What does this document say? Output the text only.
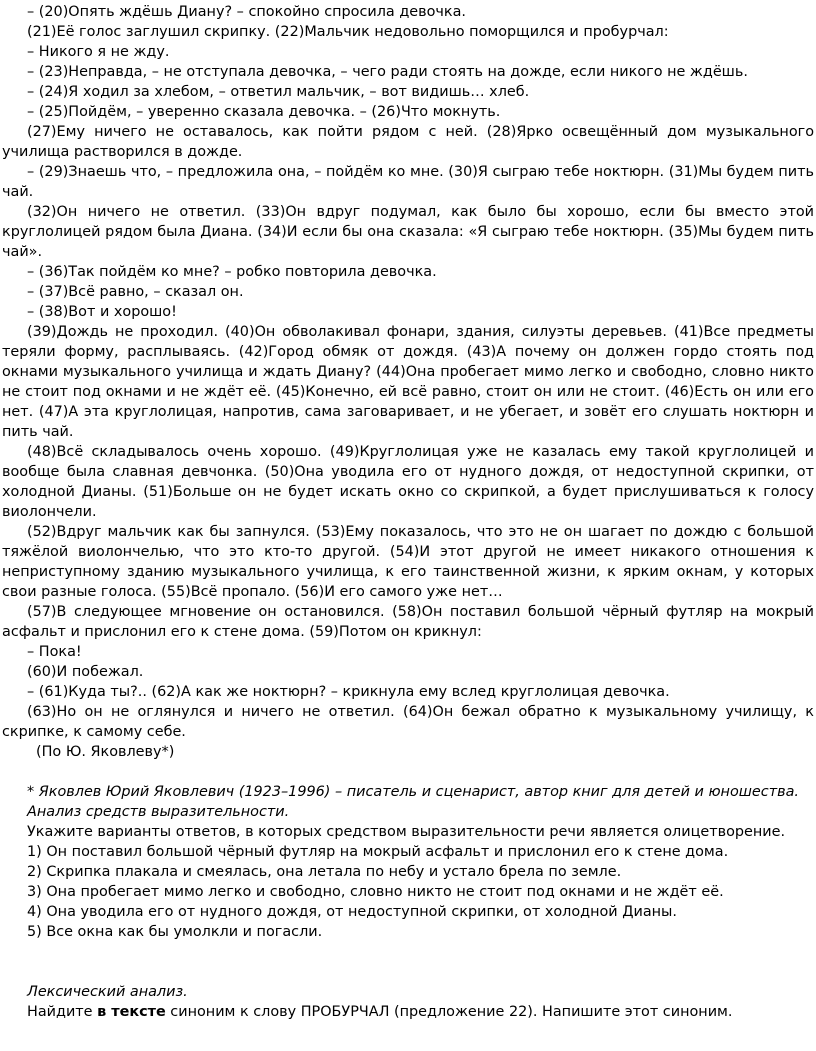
– (20)Опять ждёшь Диану? – спокойно спросила девочка.

(21)Её голос заглушил скрипку. (22)Мальчик недовольно поморщился и пробурчал:

– Никого я не жду.

– (23)Неправда, – не отступала девочка, – чего ради стоять на дожде, если никого не ждёшь.

– (24)Я ходил за хлебом, – ответил мальчик, – вот видишь… хлеб.

– (25)Пойдём, – уверенно сказала девочка. – (26)Что мокнуть.

(27)Ему ничего не оставалось, как пойти рядом с ней. (28)Ярко освещённый дом музыкального училища растворился в дожде.

– (29)Знаешь что, – предложила она, – пойдём ко мне. (30)Я сыграю тебе ноктюрн. (31)Мы будем пить чай.

(32)Он ничего не ответил. (33)Он вдруг подумал, как было бы хорошо, если бы вместо этой круглолицей рядом была Диана. (34)И если бы она сказала: «Я сыграю тебе ноктюрн. (35)Мы будем пить чай».

– (36)Так пойдём ко мне? – робко повторила девочка.

– (37)Всё равно, – сказал он.

– (38)Вот и хорошо!

(39)Дождь не проходил. (40)Он обволакивал фонари, здания, силуэты деревьев. (41)Все предметы теряли форму, расплываясь. (42)Город обмяк от дождя. (43)А почему он должен гордо стоять под окнами музыкального училища и ждать Диану? (44)Она пробегает мимо легко и свободно, словно никто не стоит под окнами и не ждёт её. (45)Конечно, ей всё равно, стоит он или не стоит. (46)Есть он или его нет. (47)А эта круглолицая, напротив, сама заговаривает, и не убегает, и зовёт его слушать ноктюрн и пить чай.

(48)Всё складывалось очень хорошо. (49)Круглолицая уже не казалась ему такой круглолицей и вообще была славная девчонка. (50)Она уводила его от нудного дождя, от недоступной скрипки, от холодной Дианы. (51)Больше он не будет искать окно со скрипкой, а будет прислушиваться к голосу виолончели.

(52)Вдруг мальчик как бы запнулся. (53)Ему показалось, что это не он шагает по дождю с большой тяжёлой виолончелью, что это кто-то другой. (54)И этот другой не имеет никакого отношения к неприступному зданию музыкального училища, к его таинственной жизни, к ярким окнам, у которых свои разные голоса. (55)Всё пропало. (56)И его самого уже нет…

(57)В следующее мгновение он остановился. (58)Он поставил большой чёрный футляр на мокрый асфальт и прислонил его к стене дома. (59)Потом он крикнул:

– Пока!

(60)И побежал.

– (61)Куда ты?.. (62)А как же ноктюрн? – крикнула ему вслед круглолицая девочка.

(63)Но он не оглянулся и ничего не ответил. (64)Он бежал обратно к музыкальному училищу, к скрипке, к самому себе.

(По Ю. Яковлеву*)

* Яковлев Юрий Яковлевич (1923–1996) – писатель и сценарист, автор книг для детей и юношества.

Анализ средств выразительности.

Укажите варианты ответов, в которых средством выразительности речи является олицетворение.

1) Он поставил большой чёрный футляр на мокрый асфальт и прислонил его к стене дома.

2) Скрипка плакала и смеялась, она летала по небу и устало брела по земле.

3) Она пробегает мимо легко и свободно, словно никто не стоит под окнами и не ждёт её.

4) Она уводила его от нудного дождя, от недоступной скрипки, от холодной Дианы.

5) Все окна как бы умолкли и погасли.

Лексический анализ.

Найдите в тексте синоним к слову ПРОБУРЧАЛ (предложение 22). Напишите этот синоним.
